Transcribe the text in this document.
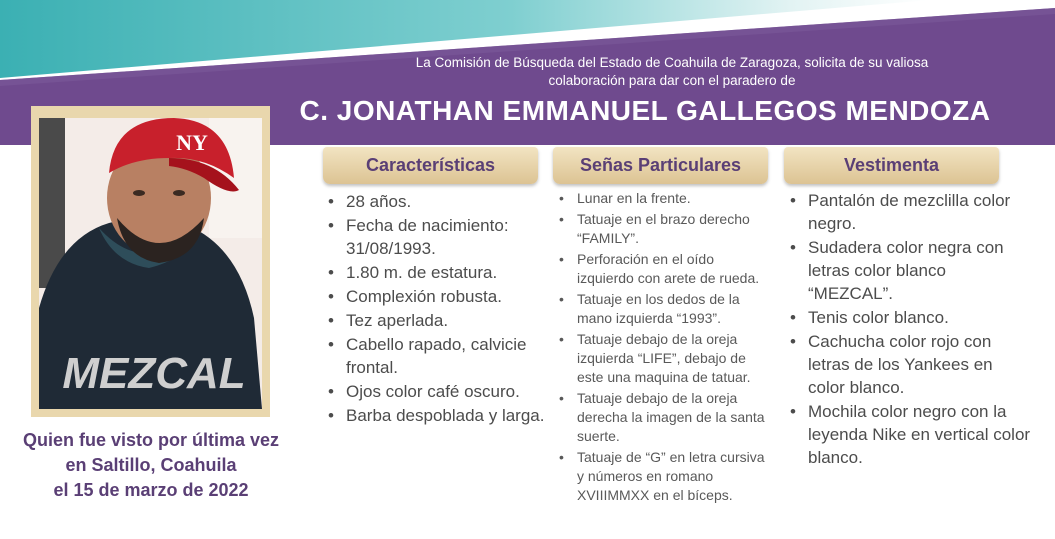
La Comisión de Búsqueda del Estado de Coahuila de Zaragoza, solicita de su valiosa
colaboración para dar con el paradero de
C. JONATHAN EMMANUEL GALLEGOS MENDOZA
NY
MEZCAL
Quien fue visto por última vez
en Saltillo, Coahuila
el 15 de marzo de 2022
Características	Señas Particulares	Vestimenta
• 28 años.
• Fecha de nacimiento: 31/08/1993.
• 1.80 m. de estatura.
• Complexión robusta.
• Tez aperlada.
• Cabello rapado, calvicie frontal.
• Ojos color café oscuro.
• Barba despoblada y larga.
• Lunar en la frente.
• Tatuaje en el brazo derecho “FAMILY”.
• Perforación en el oído izquierdo con arete de rueda.
• Tatuaje en los dedos de la mano izquierda “1993”.
• Tatuaje debajo de la oreja izquierda “LIFE”, debajo de este una maquina de tatuar.
• Tatuaje debajo de la oreja derecha la imagen de la santa suerte.
• Tatuaje de “G” en letra cursiva y números en romano XVIIIMMXX en el bíceps.
• Pantalón de mezclilla color negro.
• Sudadera color negra con letras color blanco “MEZCAL”.
• Tenis color blanco.
• Cachucha color rojo con letras de los Yankees en color blanco.
• Mochila color negro con la leyenda Nike en vertical color blanco.
